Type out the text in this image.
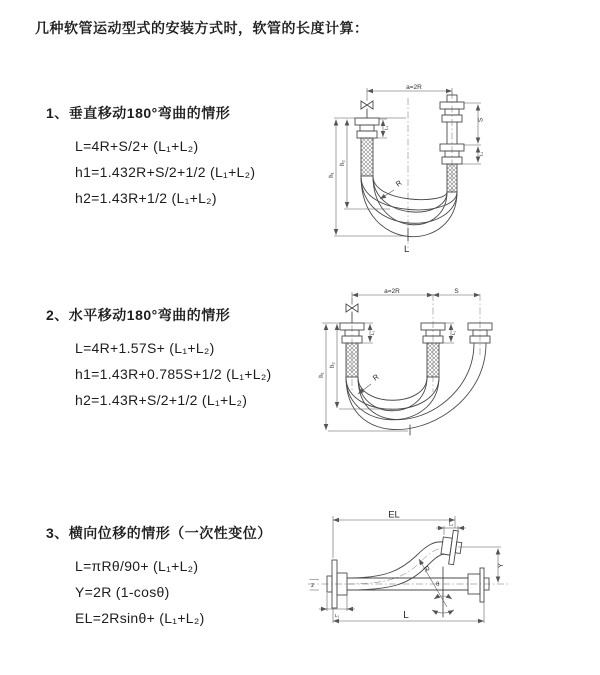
几种软管运动型式的安装方式时，软管的长度计算：
1、垂直移动180°弯曲的情形
L=4R+S/2+ (L₁+L₂)
h1=1.432R+S/2+1/2 (L₁+L₂)
h2=1.43R+1/2 (L₁+L₂)
a=2R
S
L₁
L₁
h₁
h₂
R
L
2、水平移动180°弯曲的情形
L=4R+1.57S+ (L₁+L₂)
h1=1.43R+0.785S+1/2 (L₁+L₂)
h2=1.43R+S/2+1/2 (L₁+L₂)
a=2R	S
h₁
h₂
L₁	L₁
R
3、横向位移的情形（一次性变位）
L=πRθ/90+ (L₁+L₂)
Y=2R (1-cosθ)
EL=2Rsinθ+ (L₁+L₂)
EL
L₁
Y
R
θ
L
L₁
z
